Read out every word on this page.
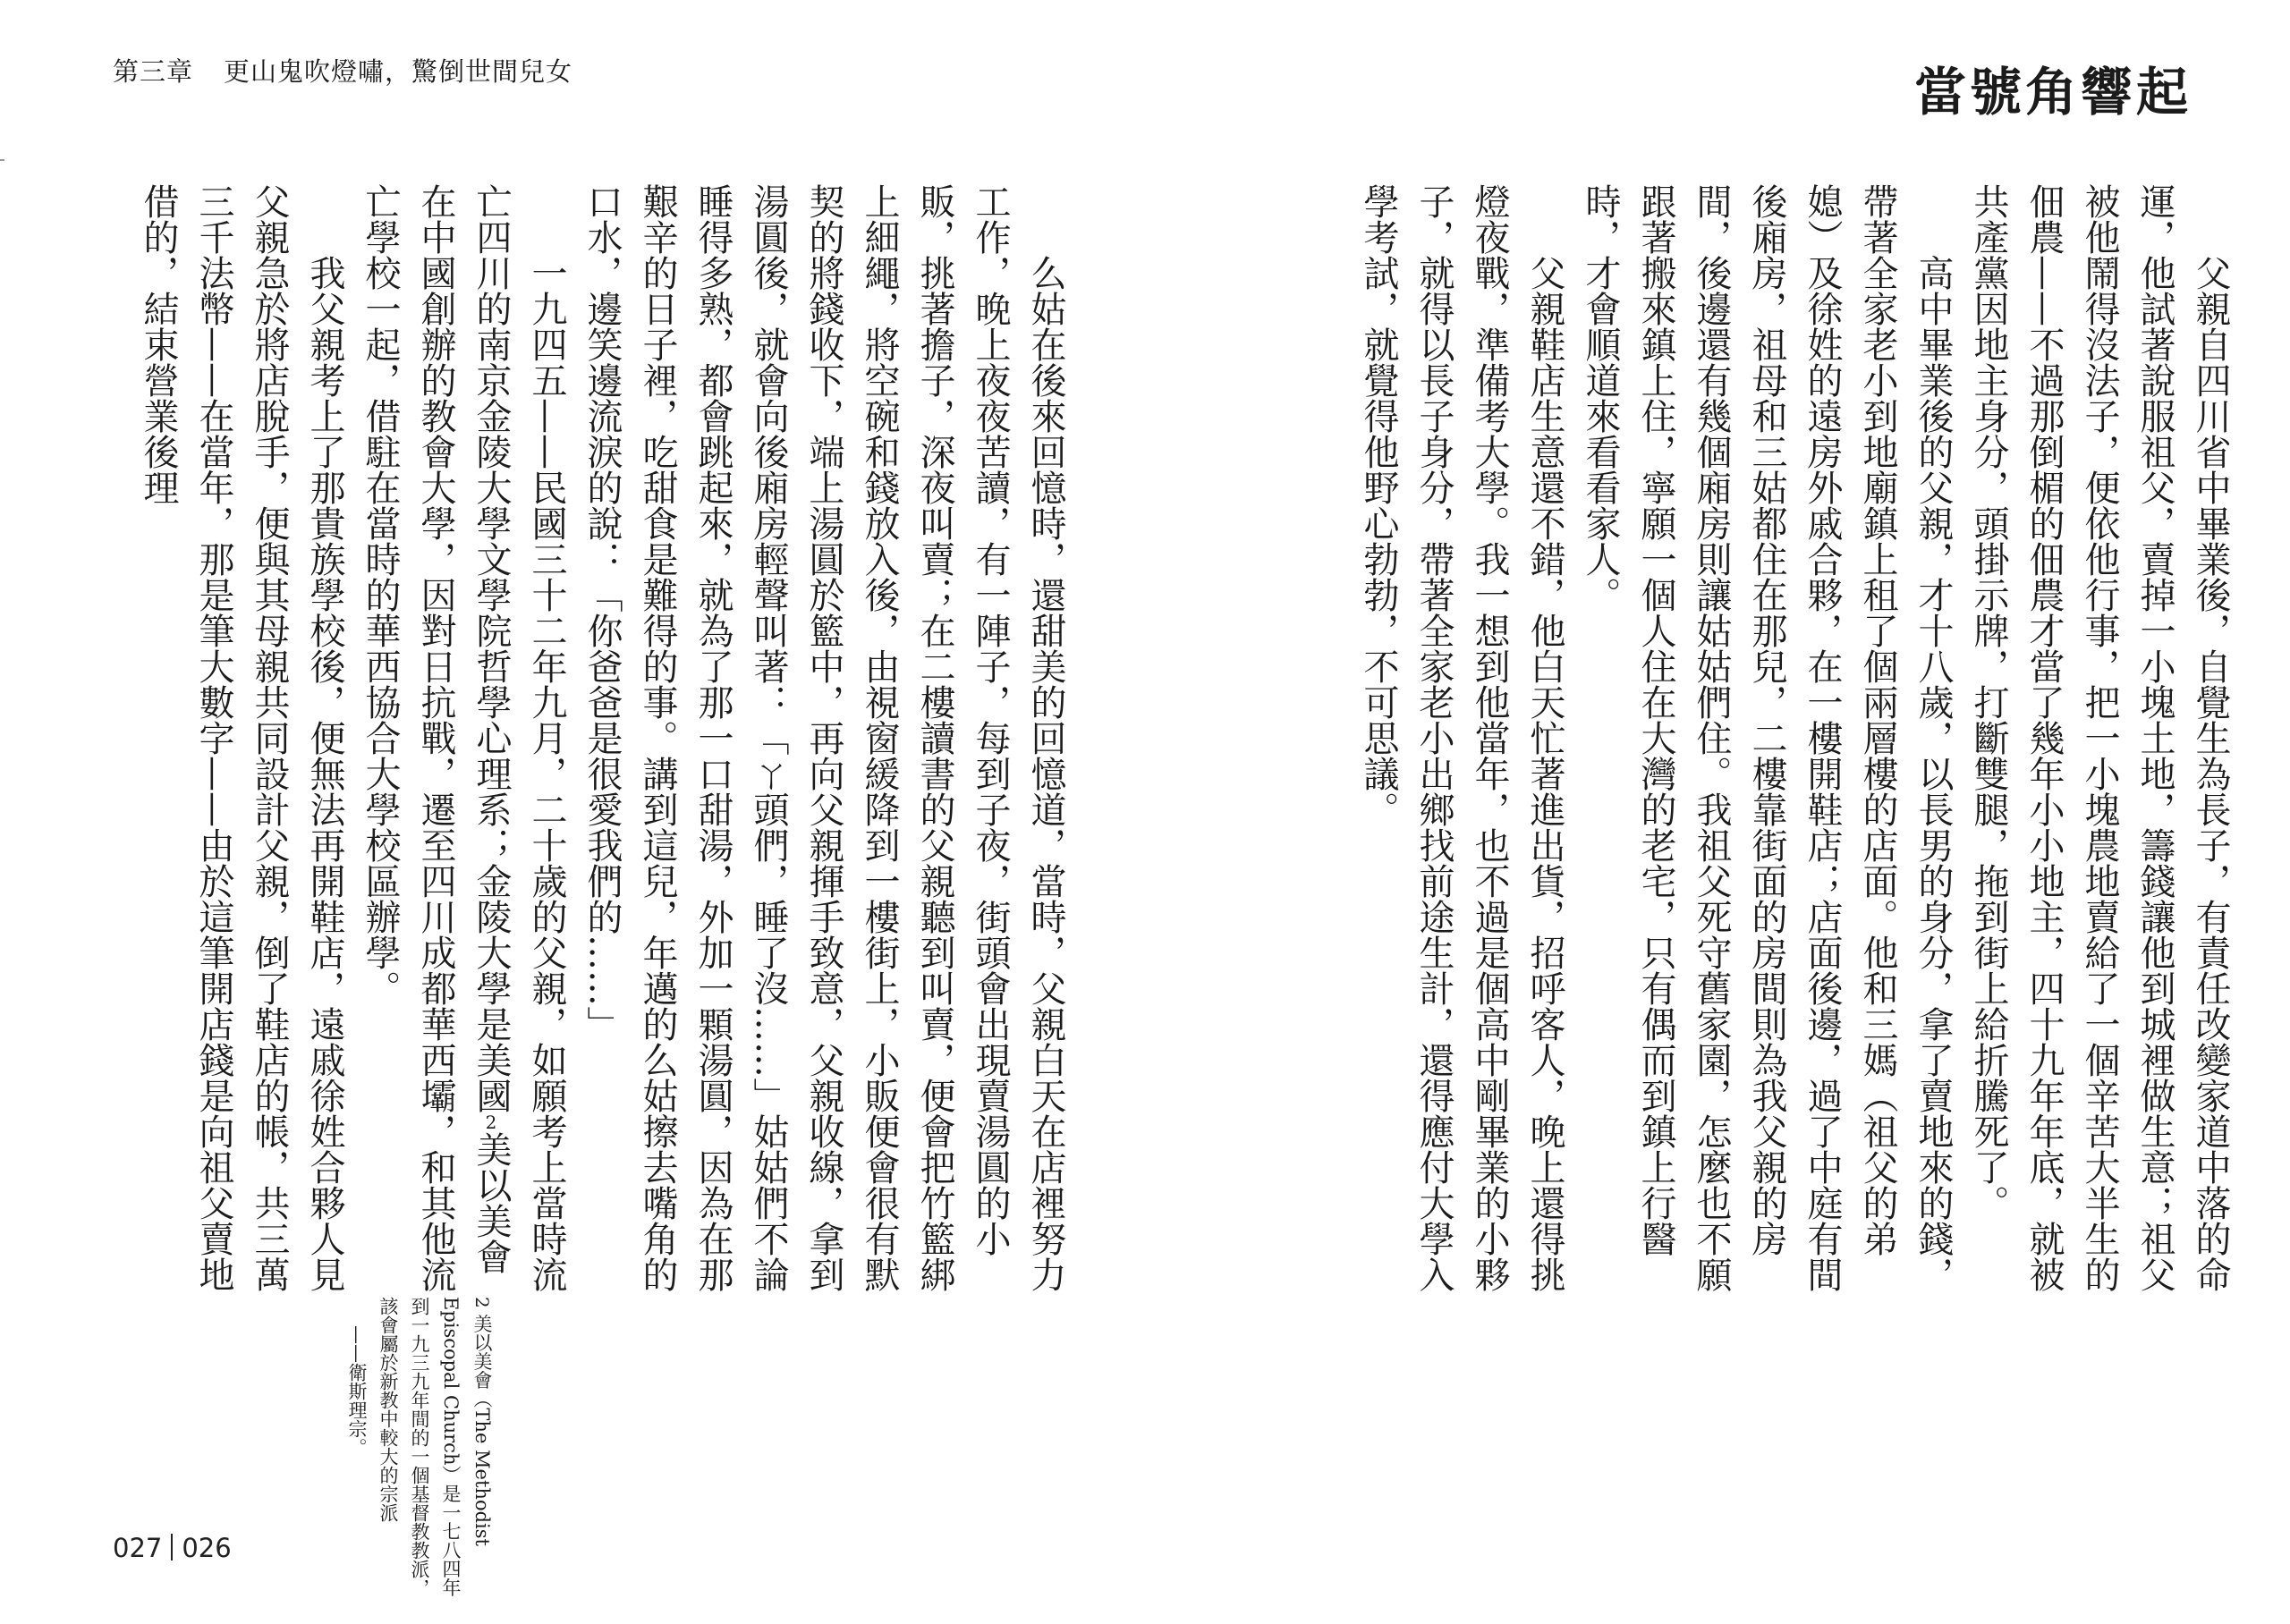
第三章 更山鬼吹燈嘯，驚倒世間兒女	當號角響起

父親自四川省中畢業後，自覺生為長子，有責任改變家道中落的命運，他試著說服祖父，賣掉一小塊土地，籌錢讓他到城裡做生意；祖父被他鬧得沒法子，便依他行事，把一小塊農地賣給了一個辛苦大半生的佃農——不過那倒楣的佃農才當了幾年小小地主，四十九年年底，就被共產黨因地主身分，頭掛示牌，打斷雙腿，拖到街上給折騰死了。

高中畢業後的父親，才十八歲，以長男的身分，拿了賣地來的錢，帶著全家老小到地廟鎮上租了個兩層樓的店面。他和三媽（祖父的弟媳）及徐姓的遠房外戚合夥，在一樓開鞋店；店面後邊，過了中庭有間後廂房，祖母和三姑都住在那兒，二樓靠街面的房間則為我父親的房間，後邊還有幾個廂房則讓姑姑們住。我祖父死守舊家園，怎麼也不願跟著搬來鎮上住，寧願一個人住在大灣的老宅，只有偶而到鎮上行醫時，才會順道來看看家人。

父親鞋店生意還不錯，他白天忙著進出貨，招呼客人，晚上還得挑燈夜戰，準備考大學。我一想到他當年，也不過是個高中剛畢業的小夥子，就得以長子身分，帶著全家老小出鄉找前途生計，還得應付大學入學考試，就覺得他野心勃勃，不可思議。

么姑在後來回憶時，還甜美的回憶道，當時，父親白天在店裡努力工作，晚上夜夜苦讀，有一陣子，每到子夜，街頭會出現賣湯圓的小販，挑著擔子，深夜叫賣；在二樓讀書的父親聽到叫賣，便會把竹籃綁上細繩，將空碗和錢放入後，由視窗緩降到一樓街上，小販便會很有默契的將錢收下，端上湯圓於籃中，再向父親揮手致意，父親收線，拿到湯圓後，就會向後廂房輕聲叫著：「ㄚ頭們，睡了沒……」姑姑們不論睡得多熟，都會跳起來，就為了那一口甜湯，外加一顆湯圓，因為在那艱辛的日子裡，吃甜食是難得的事。講到這兒，年邁的么姑擦去嘴角的口水，邊笑邊流淚的說：「你爸爸是很愛我們的……」

一九四五——民國三十二年九月，二十歲的父親，如願考上當時流亡四川的南京金陵大學文學院哲學心理系；金陵大學是美國2美以美會在中國創辦的教會大學，因對日抗戰，遷至四川成都華西壩，和其他流亡學校一起，借駐在當時的華西協合大學校區辦學。

我父親考上了那貴族學校後，便無法再開鞋店，遠戚徐姓合夥人見父親急於將店脫手，便與其母親共同設計父親，倒了鞋店的帳，共三萬三千法幣——在當年，那是筆大數字——由於這筆開店錢是向祖父賣地借的，結束營業後理

2 美以美會（The Methodist Episcopal Church）是一七八四年到一九三九年間的一個基督教教派，該會屬於新教中較大的宗派
——衛斯理宗。

027 026
